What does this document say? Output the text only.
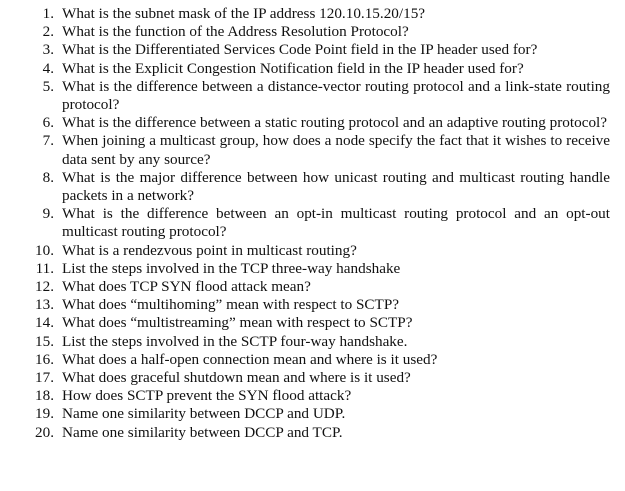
1. What is the subnet mask of the IP address 120.10.15.20/15?
2. What is the function of the Address Resolution Protocol?
3. What is the Differentiated Services Code Point field in the IP header used for?
4. What is the Explicit Congestion Notification field in the IP header used for?
5. What is the difference between a distance-vector routing protocol and a link-state routing protocol?
6. What is the difference between a static routing protocol and an adaptive routing protocol?
7. When joining a multicast group, how does a node specify the fact that it wishes to receive data sent by any source?
8. What is the major difference between how unicast routing and multicast routing handle packets in a network?
9. What is the difference between an opt-in multicast routing protocol and an opt-out multicast routing protocol?
10. What is a rendezvous point in multicast routing?
11. List the steps involved in the TCP three-way handshake
12. What does TCP SYN flood attack mean?
13. What does “multihoming” mean with respect to SCTP?
14. What does “multistreaming” mean with respect to SCTP?
15. List the steps involved in the SCTP four-way handshake.
16. What does a half-open connection mean and where is it used?
17. What does graceful shutdown mean and where is it used?
18. How does SCTP prevent the SYN flood attack?
19. Name one similarity between DCCP and UDP.
20. Name one similarity between DCCP and TCP.
